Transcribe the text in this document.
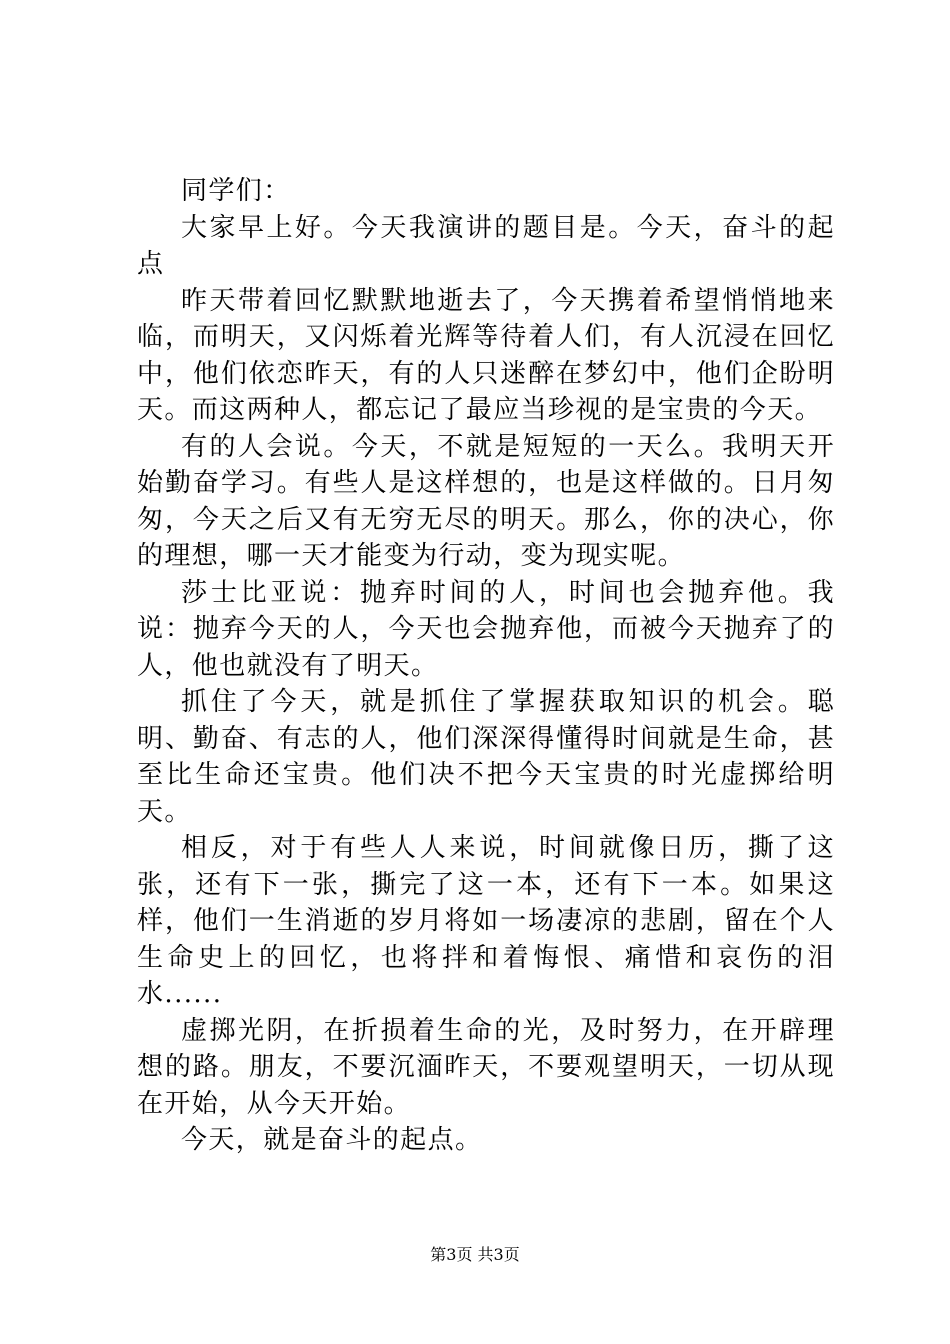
同学们：

大家早上好。今天我演讲的题目是。今天，奋斗的起点

昨天带着回忆默默地逝去了，今天携着希望悄悄地来临，而明天，又闪烁着光辉等待着人们，有人沉浸在回忆中，他们依恋昨天，有的人只迷醉在梦幻中，他们企盼明天。而这两种人，都忘记了最应当珍视的是宝贵的今天。

有的人会说。今天，不就是短短的一天么。我明天开始勤奋学习。有些人是这样想的，也是这样做的。日月匆匆，今天之后又有无穷无尽的明天。那么，你的决心，你的理想，哪一天才能变为行动，变为现实呢。

莎士比亚说：抛弃时间的人，时间也会抛弃他。我说：抛弃今天的人，今天也会抛弃他，而被今天抛弃了的人，他也就没有了明天。

抓住了今天，就是抓住了掌握获取知识的机会。聪明、勤奋、有志的人，他们深深得懂得时间就是生命，甚至比生命还宝贵。他们决不把今天宝贵的时光虚掷给明天。

相反，对于有些人人来说，时间就像日历，撕了这张，还有下一张，撕完了这一本，还有下一本。如果这样，他们一生消逝的岁月将如一场凄凉的悲剧，留在个人生命史上的回忆，也将拌和着悔恨、痛惜和哀伤的泪水......

虚掷光阴，在折损着生命的光，及时努力，在开辟理想的路。朋友，不要沉湎昨天，不要观望明天，一切从现在开始，从今天开始。

今天，就是奋斗的起点。

第3页 共3页
